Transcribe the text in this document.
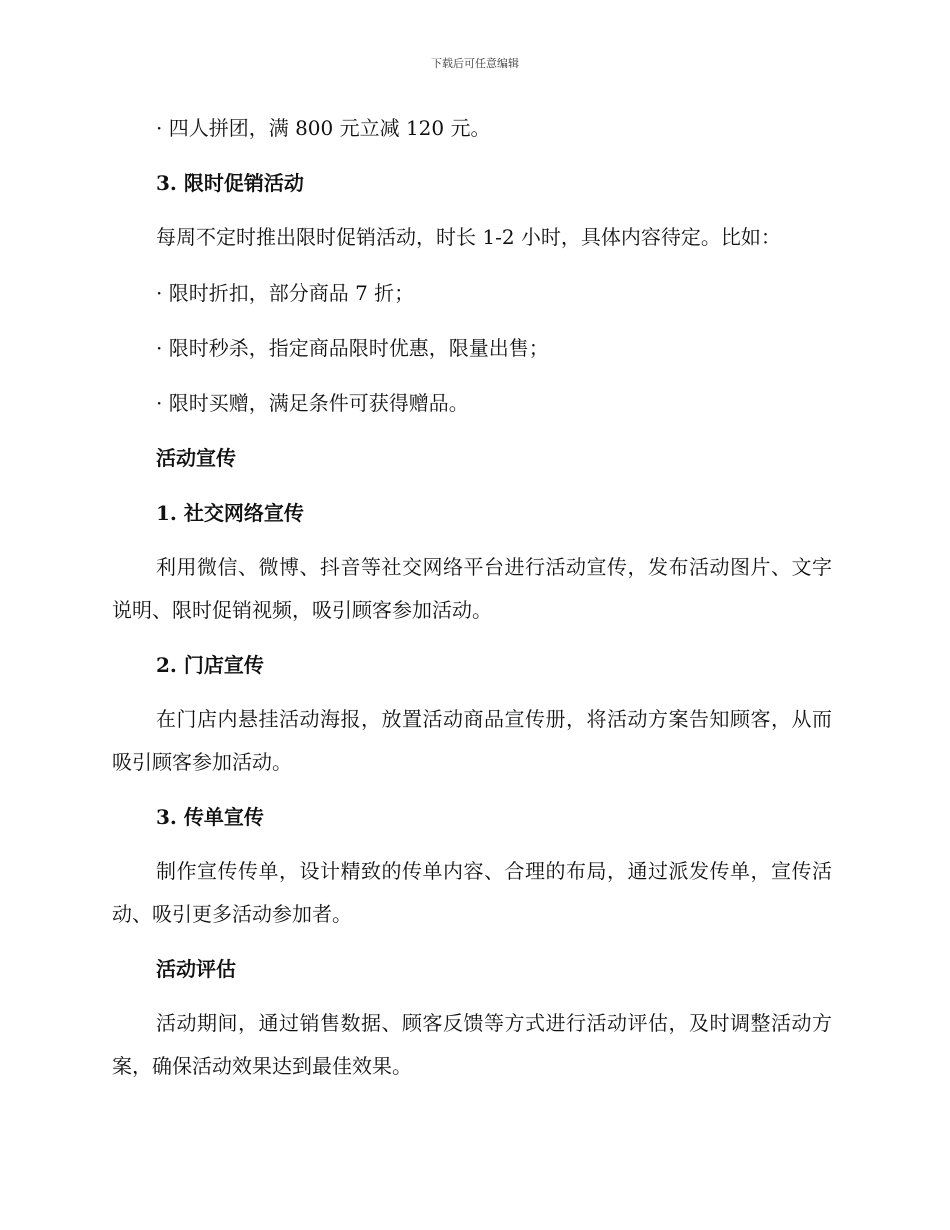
下载后可任意编辑
· 四人拼团，满 800 元立减 120 元。
3. 限时促销活动
每周不定时推出限时促销活动，时长 1-2 小时，具体内容待定。比如：
· 限时折扣，部分商品 7 折；
· 限时秒杀，指定商品限时优惠，限量出售；
· 限时买赠，满足条件可获得赠品。
活动宣传
1. 社交网络宣传
利用微信、微博、抖音等社交网络平台进行活动宣传，发布活动图片、文字说明、限时促销视频，吸引顾客参加活动。
2. 门店宣传
在门店内悬挂活动海报，放置活动商品宣传册，将活动方案告知顾客，从而吸引顾客参加活动。
3. 传单宣传
制作宣传传单，设计精致的传单内容、合理的布局，通过派发传单，宣传活动、吸引更多活动参加者。
活动评估
活动期间，通过销售数据、顾客反馈等方式进行活动评估，及时调整活动方案，确保活动效果达到最佳效果。
